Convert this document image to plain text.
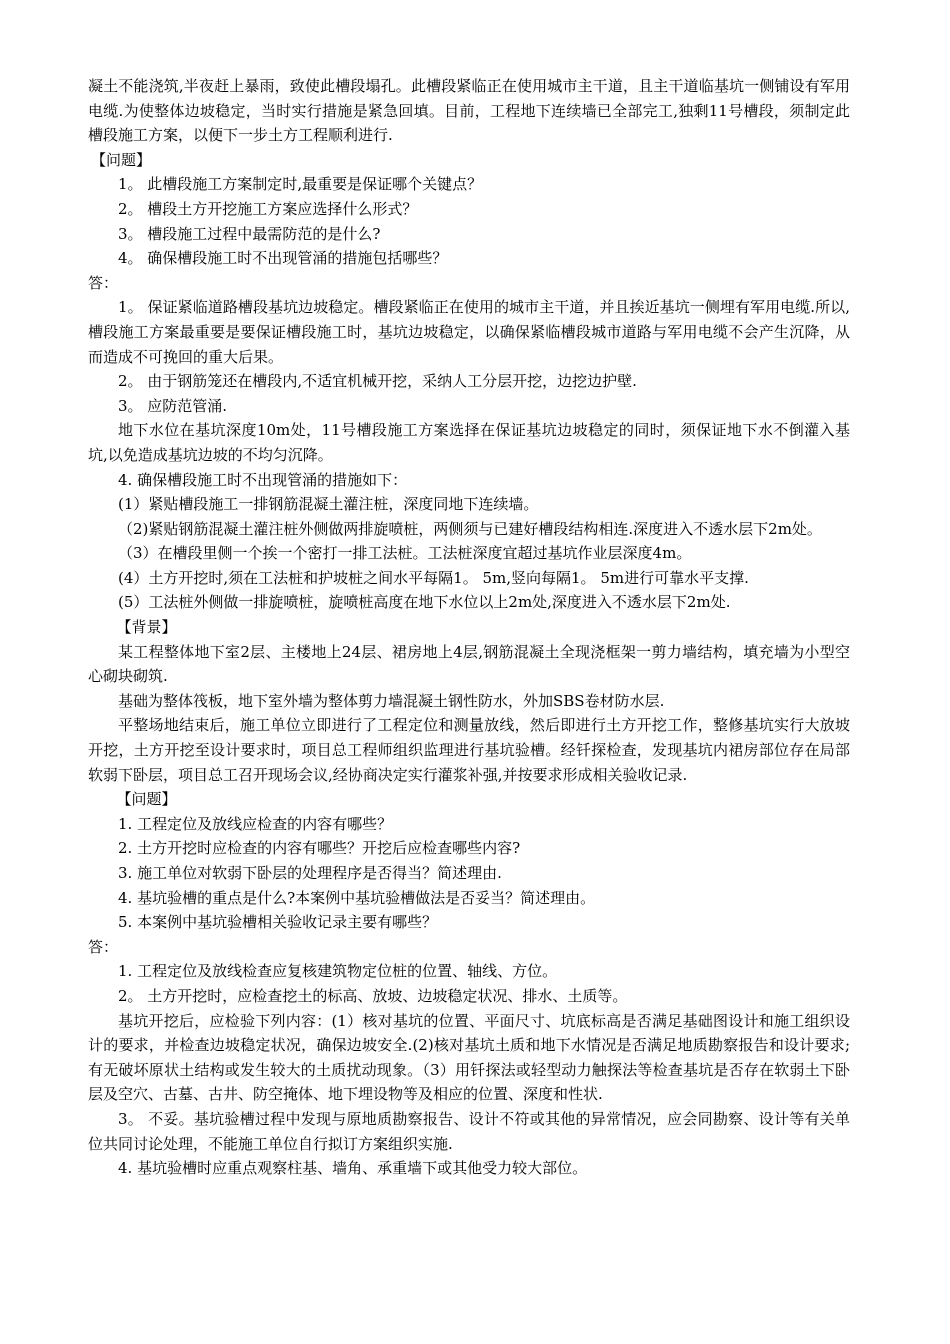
凝土不能浇筑,半夜赶上暴雨，致使此槽段塌孔。此槽段紧临正在使用城市主干道，且主干道临基坑一侧铺设有军用电缆.为使整体边坡稳定，当时实行措施是紧急回填。目前，工程地下连续墙已全部完工,独剩11号槽段，须制定此槽段施工方案，以便下一步土方工程顺利进行.

【问题】

1。 此槽段施工方案制定时,最重要是保证哪个关键点？

2。 槽段土方开挖施工方案应选择什么形式？

3。 槽段施工过程中最需防范的是什么?

4。 确保槽段施工时不出现管涌的措施包括哪些？

答：

1。 保证紧临道路槽段基坑边坡稳定。槽段紧临正在使用的城市主干道，并且挨近基坑一侧埋有军用电缆.所以,槽段施工方案最重要是要保证槽段施工时，基坑边坡稳定，以确保紧临槽段城市道路与军用电缆不会产生沉降，从而造成不可挽回的重大后果。

2。 由于钢筋笼还在槽段内,不适宜机械开挖，采纳人工分层开挖，边挖边护壁.

3。 应防范管涌.

地下水位在基坑深度10m处，11号槽段施工方案选择在保证基坑边坡稳定的同时，须保证地下水不倒灌入基坑,以免造成基坑边坡的不均匀沉降。

4. 确保槽段施工时不出现管涌的措施如下：

(1）紧贴槽段施工一排钢筋混凝土灌注桩，深度同地下连续墙。

（2)紧贴钢筋混凝土灌注桩外侧做两排旋喷桩，两侧须与已建好槽段结构相连.深度进入不透水层下2m处。

（3）在槽段里侧一个挨一个密打一排工法桩。工法桩深度宜超过基坑作业层深度4m。

(4）土方开挖时,须在工法桩和护坡桩之间水平每隔1。 5m,竖向每隔1。 5m进行可靠水平支撑.

(5）工法桩外侧做一排旋喷桩，旋喷桩高度在地下水位以上2m处,深度进入不透水层下2m处.

【背景】

某工程整体地下室2层、主楼地上24层、裙房地上4层,钢筋混凝土全现浇框架一剪力墙结构，填充墙为小型空心砌块砌筑.

基础为整体筏板，地下室外墙为整体剪力墙混凝土钢性防水，外加SBS卷材防水层.

平整场地结束后，施工单位立即进行了工程定位和测量放线，然后即进行土方开挖工作，整修基坑实行大放坡开挖，土方开挖至设计要求时，项目总工程师组织监理进行基坑验槽。经钎探检查，发现基坑内裙房部位存在局部软弱下卧层，项目总工召开现场会议,经协商决定实行灌浆补强,并按要求形成相关验收记录.

【问题】

1. 工程定位及放线应检查的内容有哪些？

2. 土方开挖时应检查的内容有哪些？开挖后应检查哪些内容?

3. 施工单位对软弱下卧层的处理程序是否得当？简述理由.

4. 基坑验槽的重点是什么?本案例中基坑验槽做法是否妥当？简述理由。

5. 本案例中基坑验槽相关验收记录主要有哪些？

答：

1. 工程定位及放线检查应复核建筑物定位桩的位置、轴线、方位。

2。 土方开挖时，应检查挖土的标高、放坡、边坡稳定状况、排水、土质等。

基坑开挖后，应检验下列内容：(1）核对基坑的位置、平面尺寸、坑底标高是否满足基础图设计和施工组织设计的要求，并检查边坡稳定状况，确保边坡安全.(2)核对基坑土质和地下水情况是否满足地质勘察报告和设计要求;有无破坏原状土结构或发生较大的土质扰动现象。（3）用钎探法或轻型动力触探法等检查基坑是否存在软弱土下卧层及空穴、古墓、古井、防空掩体、地下埋设物等及相应的位置、深度和性状.

3。 不妥。基坑验槽过程中发现与原地质勘察报告、设计不符或其他的异常情况，应会同勘察、设计等有关单位共同讨论处理，不能施工单位自行拟订方案组织实施.

4. 基坑验槽时应重点观察柱基、墙角、承重墙下或其他受力较大部位。
